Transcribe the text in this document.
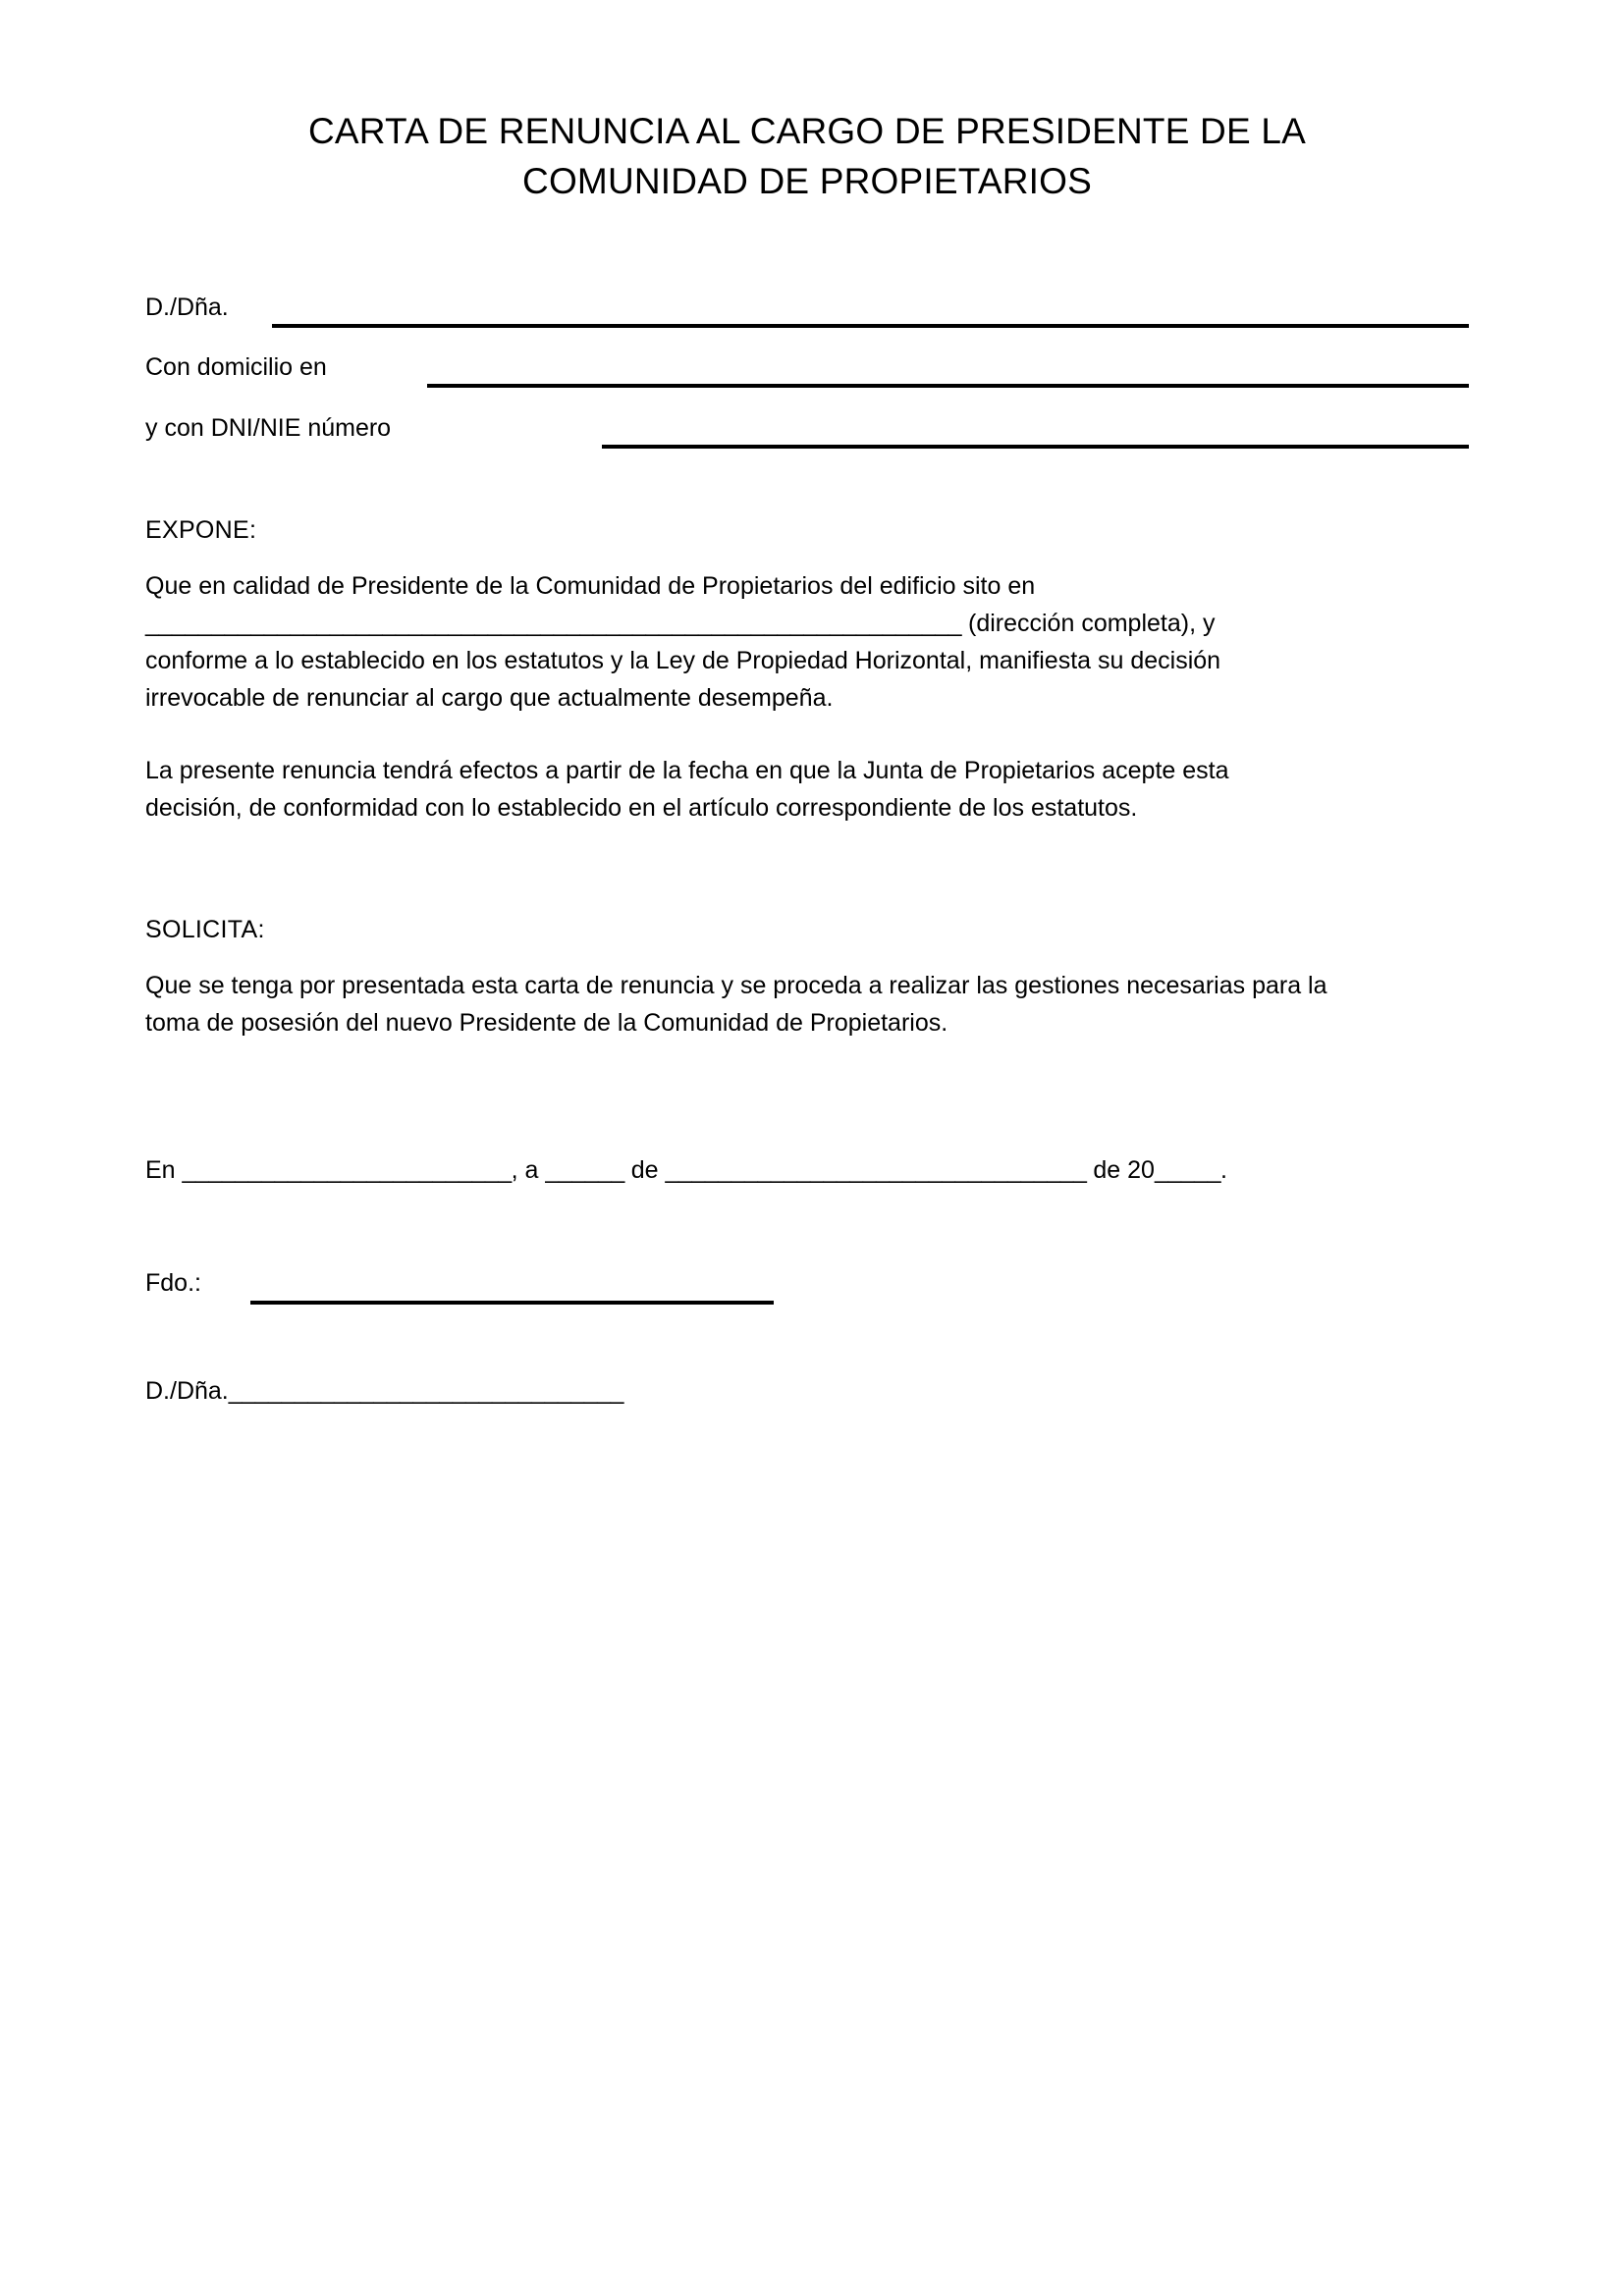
CARTA DE RENUNCIA AL CARGO DE PRESIDENTE DE LA
COMUNIDAD DE PROPIETARIOS
D./Dña.
Con domicilio en
y con DNI/NIE número
EXPONE:
Que en calidad de Presidente de la Comunidad de Propietarios del edificio sito en
______________________________________________________________ (dirección completa), y
conforme a lo establecido en los estatutos y la Ley de Propiedad Horizontal, manifiesta su decisión
irrevocable de renunciar al cargo que actualmente desempeña.
La presente renuncia tendrá efectos a partir de la fecha en que la Junta de Propietarios acepte esta
decisión, de conformidad con lo establecido en el artículo correspondiente de los estatutos.
SOLICITA:
Que se tenga por presentada esta carta de renuncia y se proceda a realizar las gestiones necesarias para la
toma de posesión del nuevo Presidente de la Comunidad de Propietarios.
En _________________________, a ______ de ________________________________ de 20_____.
Fdo.:
D./Dña.______________________________
